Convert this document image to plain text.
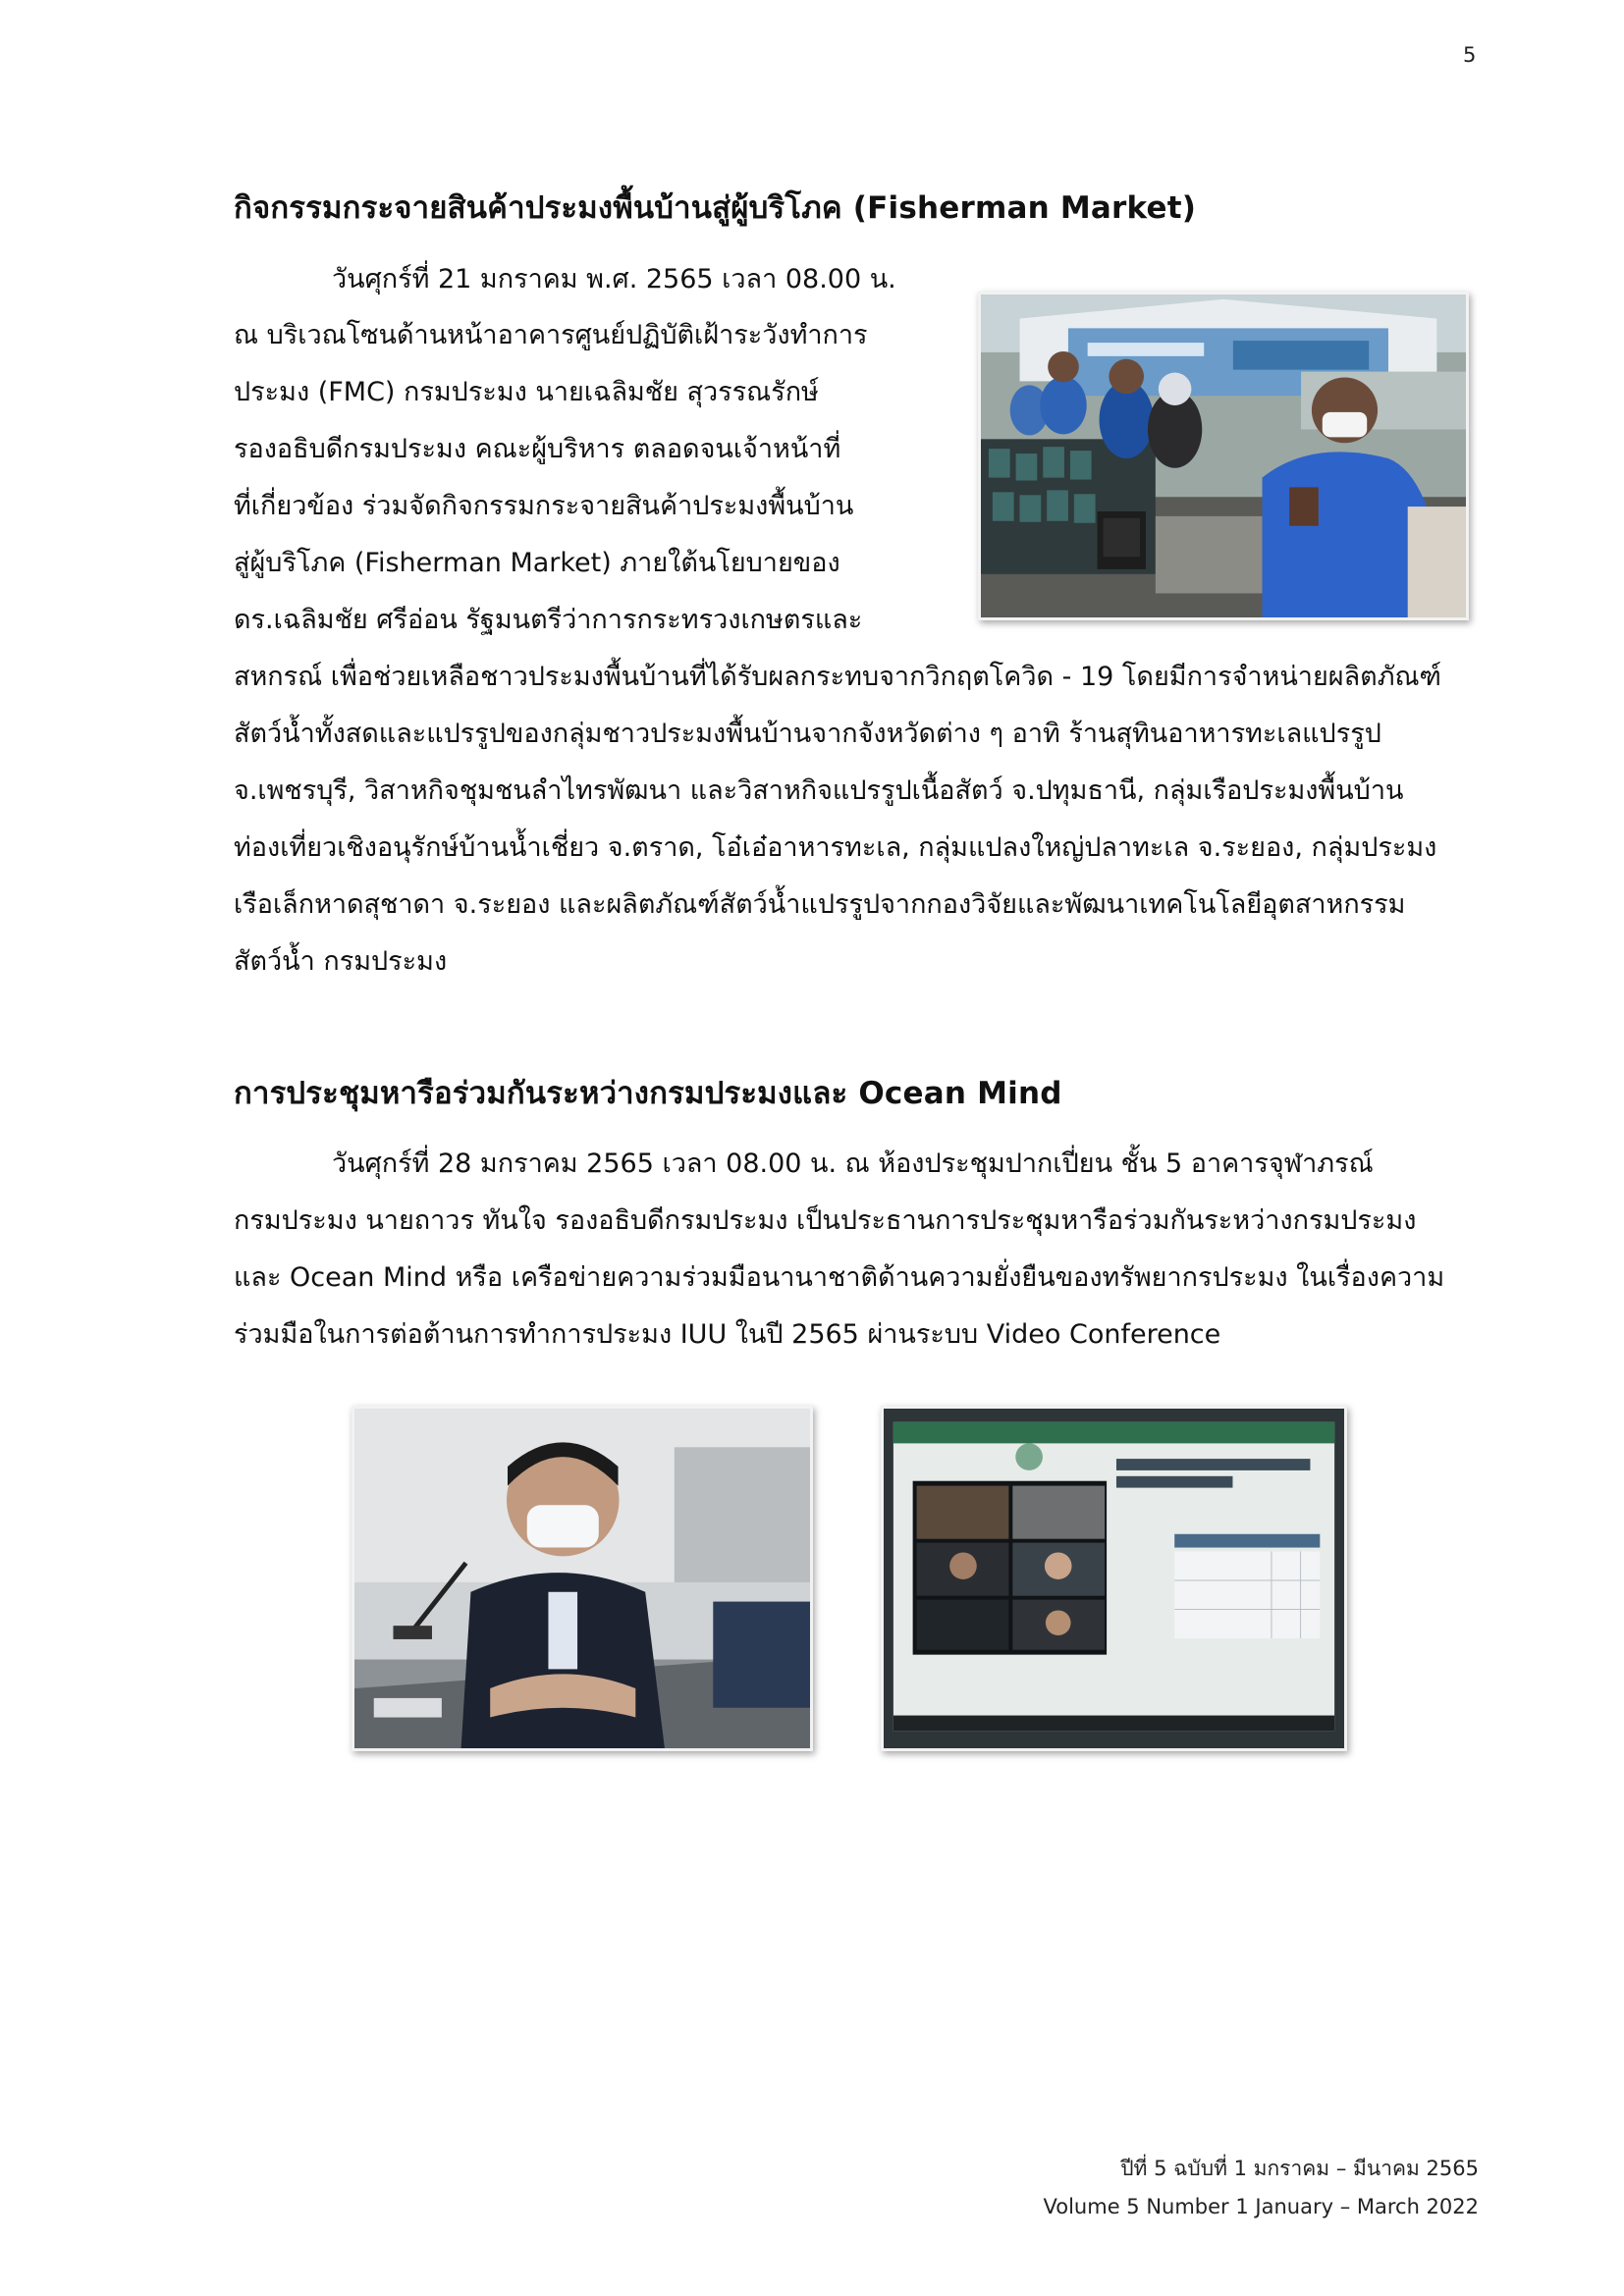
5
กิจกรรมกระจายสินค้าประมงพื้นบ้านสู่ผู้บริโภค (Fisherman Market)

วันศุกร์ที่ 21 มกราคม พ.ศ. 2565 เวลา 08.00 น.

ณ บริเวณโซนด้านหน้าอาคารศูนย์ปฏิบัติเฝ้าระวังทำการ

ประมง (FMC) กรมประมง นายเฉลิมชัย สุวรรณรักษ์

รองอธิบดีกรมประมง คณะผู้บริหาร ตลอดจนเจ้าหน้าที่

ที่เกี่ยวข้อง ร่วมจัดกิจกรรมกระจายสินค้าประมงพื้นบ้าน

สู่ผู้บริโภค (Fisherman Market) ภายใต้นโยบายของ

ดร.เฉลิมชัย ศรีอ่อน รัฐมนตรีว่าการกระทรวงเกษตรและ

สหกรณ์ เพื่อช่วยเหลือชาวประมงพื้นบ้านที่ได้รับผลกระทบจากวิกฤตโควิด - 19 โดยมีการจำหน่ายผลิตภัณฑ์

สัตว์น้ำทั้งสดและแปรรูปของกลุ่มชาวประมงพื้นบ้านจากจังหวัดต่าง ๆ อาทิ ร้านสุทินอาหารทะเลแปรรูป

จ.เพชรบุรี, วิสาหกิจชุมชนลำไทรพัฒนา และวิสาหกิจแปรรูปเนื้อสัตว์ จ.ปทุมธานี, กลุ่มเรือประมงพื้นบ้าน

ท่องเที่ยวเชิงอนุรักษ์บ้านน้ำเชี่ยว จ.ตราด, โอ๋เอ๋อาหารทะเล, กลุ่มแปลงใหญ่ปลาทะเล จ.ระยอง, กลุ่มประมง

เรือเล็กหาดสุชาดา จ.ระยอง และผลิตภัณฑ์สัตว์น้ำแปรรูปจากกองวิจัยและพัฒนาเทคโนโลยีอุตสาหกรรม

สัตว์น้ำ กรมประมง

การประชุมหารือร่วมกันระหว่างกรมประมงและ Ocean Mind

วันศุกร์ที่ 28 มกราคม 2565 เวลา 08.00 น. ณ ห้องประชุมปากเปี่ยน ชั้น 5 อาคารจุฬาภรณ์

กรมประมง นายถาวร ทันใจ รองอธิบดีกรมประมง เป็นประธานการประชุมหารือร่วมกันระหว่างกรมประมง

และ Ocean Mind หรือ เครือข่ายความร่วมมือนานาชาติด้านความยั่งยืนของทรัพยากรประมง ในเรื่องความ

ร่วมมือในการต่อต้านการทำการประมง IUU ในปี 2565 ผ่านระบบ Video Conference

ปีที่ 5 ฉบับที่ 1 มกราคม – มีนาคม 2565
Volume 5 Number 1 January – March 2022
